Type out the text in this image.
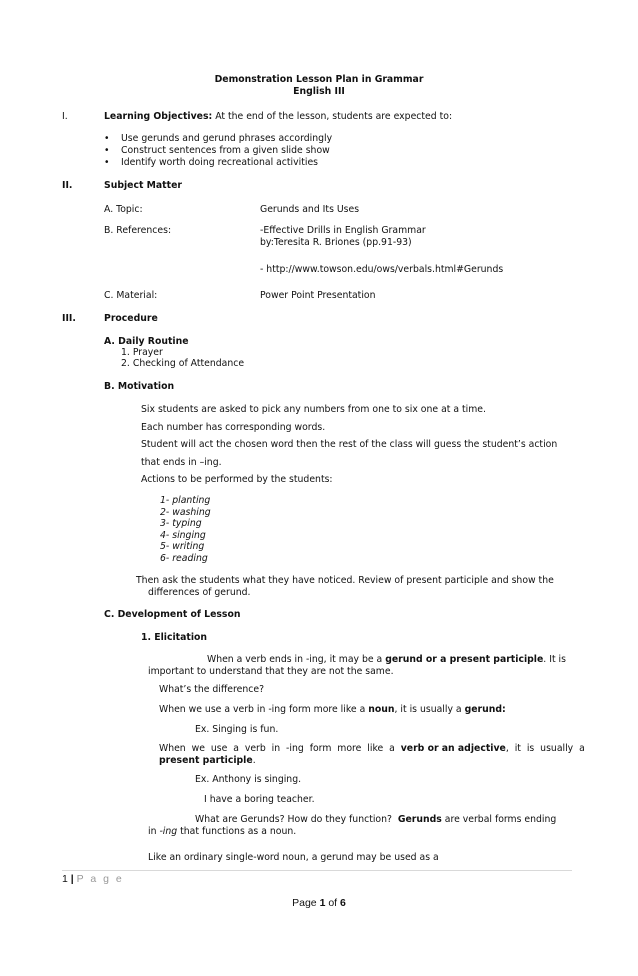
Demonstration Lesson Plan in Grammar
English III
I.	Learning Objectives: At the end of the lesson, students are expected to:
• Use gerunds and gerund phrases accordingly
• Construct sentences from a given slide show
• Identify worth doing recreational activities
II.	Subject Matter
A. Topic:	Gerunds and Its Uses
B. References:	-Effective Drills in English Grammar
by:Teresita R. Briones (pp.91-93)
- http://www.towson.edu/ows/verbals.html#Gerunds
C. Material:	Power Point Presentation
III.	Procedure
A. Daily Routine
1. Prayer
2. Checking of Attendance
B. Motivation
Six students are asked to pick any numbers from one to six one at a time.
Each number has corresponding words.
Student will act the chosen word then the rest of the class will guess the student’s action
that ends in –ing.
Actions to be performed by the students:
1- planting
2- washing
3- typing
4- singing
5- writing
6- reading
Then ask the students what they have noticed. Review of present participle and show the
differences of gerund.
C. Development of Lesson
1. Elicitation
When a verb ends in -ing, it may be a gerund or a present participle. It is
important to understand that they are not the same.
What’s the difference?
When we use a verb in -ing form more like a noun, it is usually a gerund:
Ex. Singing is fun.
When  we  use  a  verb  in  -ing  form  more  like  a  verb or an adjective,  it  is  usually  a
present participle.
Ex. Anthony is singing.
I have a boring teacher.
What are Gerunds? How do they function?  Gerunds are verbal forms ending
in -ing that functions as a noun.
Like an ordinary single-word noun, a gerund may be used as a
1 | P a g e
Page 1 of 6
